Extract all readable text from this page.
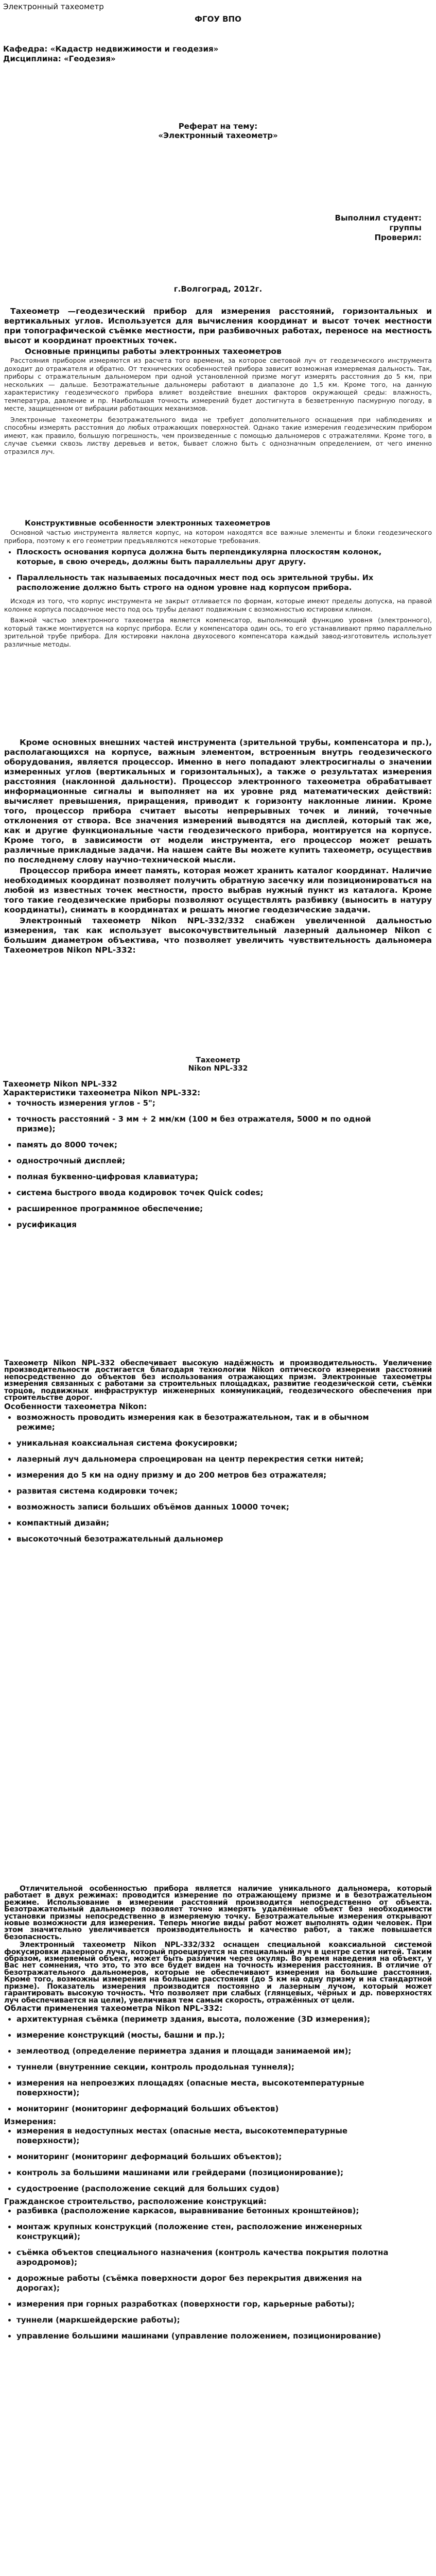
Электронный тахеометр
ФГОУ ВПО
Кафедра: «Кадастр недвижимости и геодезия»
Дисциплина: «Геодезия»
Реферат на тему:
«Электронный тахеометр»
Выполнил студент:
группы
Проверил:
г.Волгоград, 2012г.

Тахеометр —геодезический прибор для измерения расстояний, горизонтальных и вертикальных углов. Используется для вычисления координат и высот точек местности при топографической съёмке местности, при разбивочных работах, переносе на местность высот и координат проектных точек.

Основные принципы работы электронных тахеометров

Расстояния прибором измеряются из расчета того времени, за которое световой луч от геодезического инструмента доходит до отражателя и обратно. От технических особенностей прибора зависит возможная измеряемая дальность. Так, приборы с отражательным дальномером при одной установленной призме могут измерять расстояния до 5 км, при нескольких — дальше. Безотражательные дальномеры работают в диапазоне до 1,5 км. Кроме того, на данную характеристику геодезического прибора влияет воздействие внешних факторов окружающей среды: влажность, температура, давление и пр. Наибольшая точность измерений будет достигнута в безветренную пасмурную погоду, в месте, защищенном от вибрации работающих механизмов.

Электронные тахеометры безотражательного вида не требует дополнительного оснащения при наблюдениях и способны измерять расстояния до любых отражающих поверхностей. Однако такие измерения геодезическим прибором имеют, как правило, большую погрешность, чем произведенные с помощью дальномеров с отражателями. Кроме того, в случае съемки сквозь листву деревьев и веток, бывает сложно быть с однозначным определением, от чего именно отразился луч.

Конструктивные особенности электронных тахеометров

Основной частью инструмента является корпус, на котором находятся все важные элементы и блоки геодезического прибора, поэтому к его геометрии предъявляются некоторые требования.

• Плоскость основания корпуса должна быть перпендикулярна плоскостям колонок, которые, в свою очередь, должны быть параллельны друг другу.
• Параллельность так называемых посадочных мест под ось зрительной трубы. Их расположение должно быть строго на одном уровне над корпусом прибора.

Исходя из того, что корпус инструмента не закрыт отливается по формам, которые имеют пределы допуска, на правой колонке корпуса посадочное место под ось трубы делают подвижным с возможностью юстировки клином.

Важной частью электронного тахеометра является компенсатор, выполняющий функцию уровня (электронного), который также монтируется на корпус прибора. Если у компенсатора один ось, то его устанавливают прямо параллельно зрительной трубе прибора. Для юстировки наклона двухосевого компенсатора каждый завод-изготовитель использует различные методы.

Кроме основных внешних частей инструмента (зрительной трубы, компенсатора и пр.), располагающихся на корпусе, важным элементом, встроенным внутрь геодезического оборудования, является процессор. Именно в него попадают электросигналы о значении измеренных углов (вертикальных и горизонтальных), а также о результатах измерения расстояния (наклонной дальности). Процессор электронного тахеометра обрабатывает информационные сигналы и выполняет на их уровне ряд математических действий: вычисляет превышения, приращения, приводит к горизонту наклонные линии. Кроме того, процессор прибора считает высоты непрерывных точек и линий, точечные отклонения от створа. Все значения измерений выводятся на дисплей, который так же, как и другие функциональные части геодезического прибора, монтируется на корпусе. Кроме того, в зависимости от модели инструмента, его процессор может решать различные прикладные задачи. На нашем сайте Вы можете купить тахеометр, осуществив по последнему слову научно-технической мысли.

Процессор прибора имеет память, которая может хранить каталог координат. Наличие необходимых координат позволяет получить обратную засечку или позиционироваться на любой из известных точек местности, просто выбрав нужный пункт из каталога. Кроме того такие геодезические приборы позволяют осуществлять разбивку (выносить в натуру координаты), снимать в координатах и решать многие геодезические задачи.

Электронный тахеометр Nikon NPL-332/332 снабжен увеличенной дальностью измерения, так как использует высокочувствительный лазерный дальномер Nikon с большим диаметром объектива, что позволяет увеличить чувствительность дальномера Тахеометров Nikon NPL-332:

Тахеометр
Nikon NPL-332
Тахеометр Nikon NPL-332
Характеристики тахеометра Nikon NPL-332:
• точность измерения углов - 5";
• точность расстояний - 3 мм + 2 мм/км (100 м без отражателя, 5000 м по одной призме);
• память до 8000 точек;
• однострочный дисплей;
• полная буквенно-цифровая клавиатура;
• система быстрого ввода кодировок точек Quick codes;
• расширенное программное обеспечение;
• русификация

Тахеометр Nikon NPL-332 обеспечивает высокую надёжность и производительность. Увеличение производительности достигается благодаря технологии Nikon оптического измерения расстояний непосредственно до объектов без использования отражающих призм. Электронные тахеометры измерения связанных с работами за строительных площадках, развитие геодезической сети, съёмки торцов, подвижных инфраструктур инженерных коммуникаций, геодезического обеспечения при строительстве дорог.

Особенности тахеометра Nikon:
• возможность проводить измерения как в безотражательном, так и в обычном режиме;
• уникальная коаксиальная система фокусировки;
• лазерный луч дальномера спроецирован на центр перекрестия сетки нитей;
• измерения до 5 км на одну призму и до 200 метров без отражателя;
• развитая система кодировки точек;
• возможность записи больших объёмов данных 10000 точек;
• компактный дизайн;
• высокоточный безотражательный дальномер

Отличительной особенностью прибора является наличие уникального дальномера, который работает в двух режимах: проводится измерение по отражающему призме и в безотражательном режиме. Использование в измерении расстояний производится непосредственно от объекта. Безотражательный дальномер позволяет точно измерять удалённые объект без необходимости установки призмы непосредственно в измеряемую точку. Безотражательные измерения открывают новые возможности для измерения. Теперь многие виды работ может выполнять один человек. При этом значительно увеличивается производительность и качество работ, а также повышается безопасность.

Электронный тахеометр Nikon NPL-332/332 оснащен специальной коаксиальной системой фокусировки лазерного луча, который проецируется на специальный луч в центре сетки нитей. Таким образом, измеряемый объект, может быть различим через окуляр. Во время наведения на объект, у Вас нет сомнения, что это, то это все будет виден на точность измерения расстояния. В отличие от безотражательного дальномеров, которые не обеспечивают измерения на большие расстояния. Кроме того, возможны измерения на большие расстояния (до 5 км на одну призму и на стандартной призме). Показатель измерения производится постоянно и лазерным лучом, который может гарантировать высокую точность. Что позволяет при слабых (глянцевых, чёрных и др. поверхностях луч обеспечивается на цели), увеличивая тем самым скорость, отражённых от цели.

Области применения тахеометра Nikon NPL-332:
• архитектурная съёмка (периметр здания, высота, положение (3D измерения);
• измерение конструкций (мосты, башни и пр.);
• землеотвод (определение периметра здания и площади занимаемой им);
• туннели (внутренние секции, контроль продольная туннеля);
• измерения на непроезжих площадях (опасные места, высокотемпературные поверхности);
• мониторинг (мониторинг деформаций больших объектов)
Измерения:
• измерения в недоступных местах (опасные места, высокотемпературные поверхности);
• мониторинг (мониторинг деформаций больших объектов);
• контроль за большими машинами или грейдерами (позиционирование);
• судостроение (расположение секций для больших судов)
Гражданское строительство, расположение конструкций:
• разбивка (расположение каркасов, выравнивание бетонных кронштейнов);
• монтаж крупных конструкций (положение стен, расположение инженерных конструкций);
• съёмка объектов специального назначения (контроль качества покрытия полотна аэродромов);
• дорожные работы (съёмка поверхности дорог без перекрытия движения на дорогах);
• измерения при горных разработках (поверхности гор, карьерные работы);
• туннели (маркшейдерские работы);
• управление большими машинами (управление положением, позиционирование)
